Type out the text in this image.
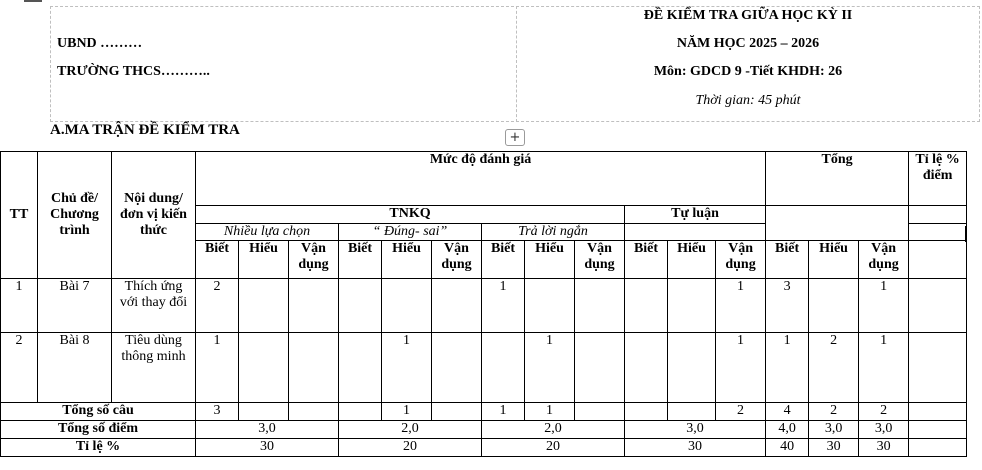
UBND ………
TRƯỜNG THCS………..
ĐỀ KIỂM TRA GIỮA HỌC KỲ II
NĂM HỌC 2025 – 2026
Môn: GDCD 9 -Tiết KHDH: 26
Thời gian: 45 phút
A.MA TRẬN ĐỀ KIỂM TRA	+
TT	Chủ đề/ Chương trình	Nội dung/đơn vị kiến thức	Mức độ đánh giá												Tổng			Tỉ lệ % điểm
			TNKQ									Tự luận						
			Nhiều lựa chọn			“ Đúng- sai”			Trả lời ngắn									
			Biết	Hiểu	Vận dụng	Biết	Hiểu	Vận dụng	Biết	Hiểu	Vận dụng	Biết	Hiểu	Vận dụng	Biết	Hiểu	Vận dụng	
1	Bài 7	Thích ứng với thay đổi	2						1					1	3		1	
2	Bài 8	Tiêu dùng thông minh	1				1			1				1	1	2	1	
Tổng số câu			3				1		1	1				2	4	2	2	
Tổng số điểm			3,0			2,0			2,0			3,0			4,0	3,0	3,0	
Tỉ lệ %			30			20			20			30			40	30	30	
